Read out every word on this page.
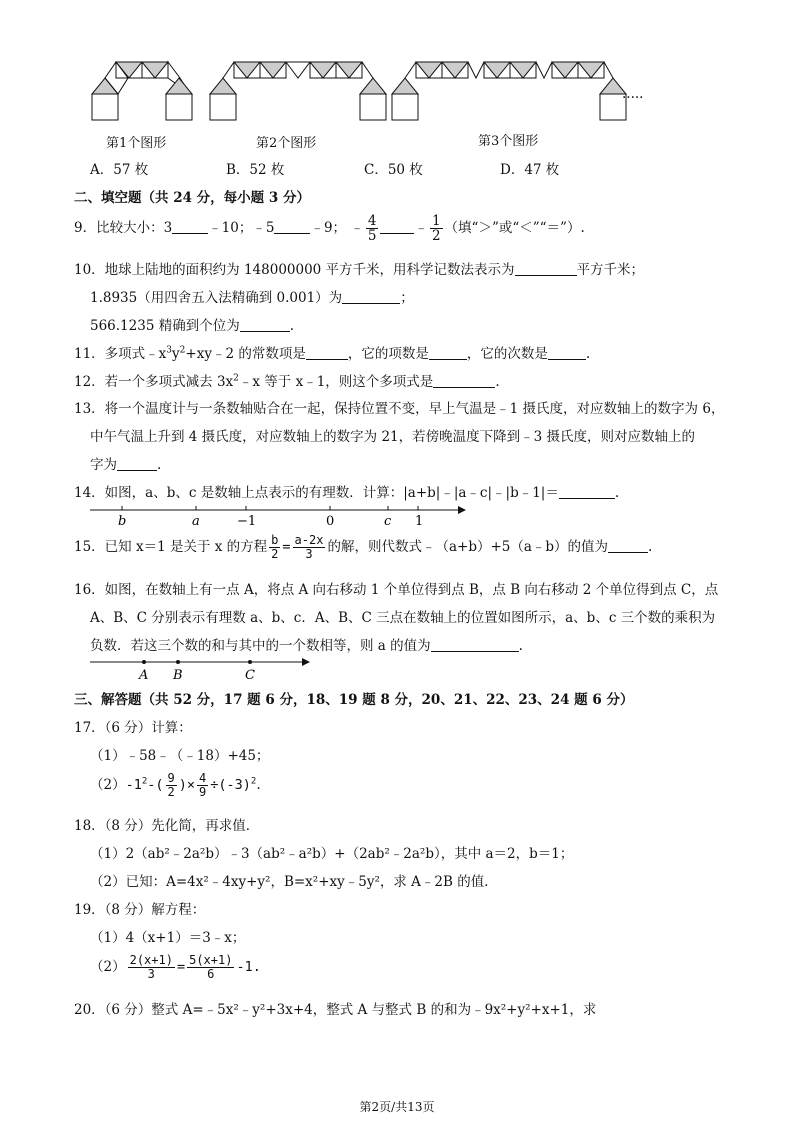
.....
第1个图形	第2个图形	第3个图形
A．57 枚	B．52 枚	C．50 枚	D．47 枚
二、填空题（共 24 分，每小题 3 分）
9．比较大小：3	﹣10；﹣5	﹣9； ﹣ $\frac{4}{5}$	﹣ $\frac{1}{2}$ （填“＞”或“＜”“＝”）.
10．地球上陆地的面积约为 148000000 平方千米，用科学记数法表示为	平方千米；
1.8935（用四舍五入法精确到 0.001）为	；
566.1235 精确到个位为	.
11．多项式$﹣x^3y^2+xy﹣2$ 的常数项是	，它的项数是	，它的次数是	.
12．若一个多项式减去 $3x^2﹣x$ 等于 x﹣1，则这个多项式是	.
13．将一个温度计与一条数轴贴合在一起，保持位置不变，早上气温是﹣1 摄氏度，对应数轴上的数字为 6，
中午气温上升到 4 摄氏度，对应数轴上的数字为 21，若傍晚温度下降到﹣3 摄氏度，则对应数轴上的
字为	.
14．如图，a、b、c 是数轴上点表示的有理数．计算：|a+b|﹣|a﹣c|﹣|b﹣1|＝	.
b	a	−1	0	c 1
15．已知 x＝1 是关于 x 的方程 $\frac{b}{2} = \frac{a-2x}{3}$ 的解，则代数式﹣（a+b）+5（a﹣b）的值为	.
16．如图，在数轴上有一点 A，将点 A 向右移动 1 个单位得到点 B，点 B 向右移动 2 个单位得到点 C，点
A、B、C 分别表示有理数 a、b、c．A、B、C 三点在数轴上的位置如图所示，a、b、c 三个数的乘积为
负数．若这三个数的和与其中的一个数相等，则 a 的值为	.
A B	C
三、解答题（共 52 分，17 题 6 分，18、19 题 8 分，20、21、22、23、24 题 6 分）
17．（6 分）计算：
（1）﹣58﹣（﹣18）+45；
$(2)-1^2-( \frac{9}{2}$ )× $\frac{4}{9} \div(-3)^2$.
18．（8 分）先化简，再求值．
（1）2（ab²﹣2a²b）﹣3（ab²﹣a²b）+（2ab²﹣2a²b），其中 a＝2，b＝1；
（2）已知：A=4x²﹣4xy+y²，B=x²+xy﹣5y²，求 A﹣2B 的值．
19．（8 分）解方程：
（1）4（x+1）＝3﹣x；
$(2) \frac{2(x+1)}{3} = \frac{5(x+1)}{6} -1$.
20．（6 分）整式 A=﹣5x²﹣y²+3x+4，整式 A 与整式 B 的和为﹣9x²+y²+x+1，求
第2页/共13页
